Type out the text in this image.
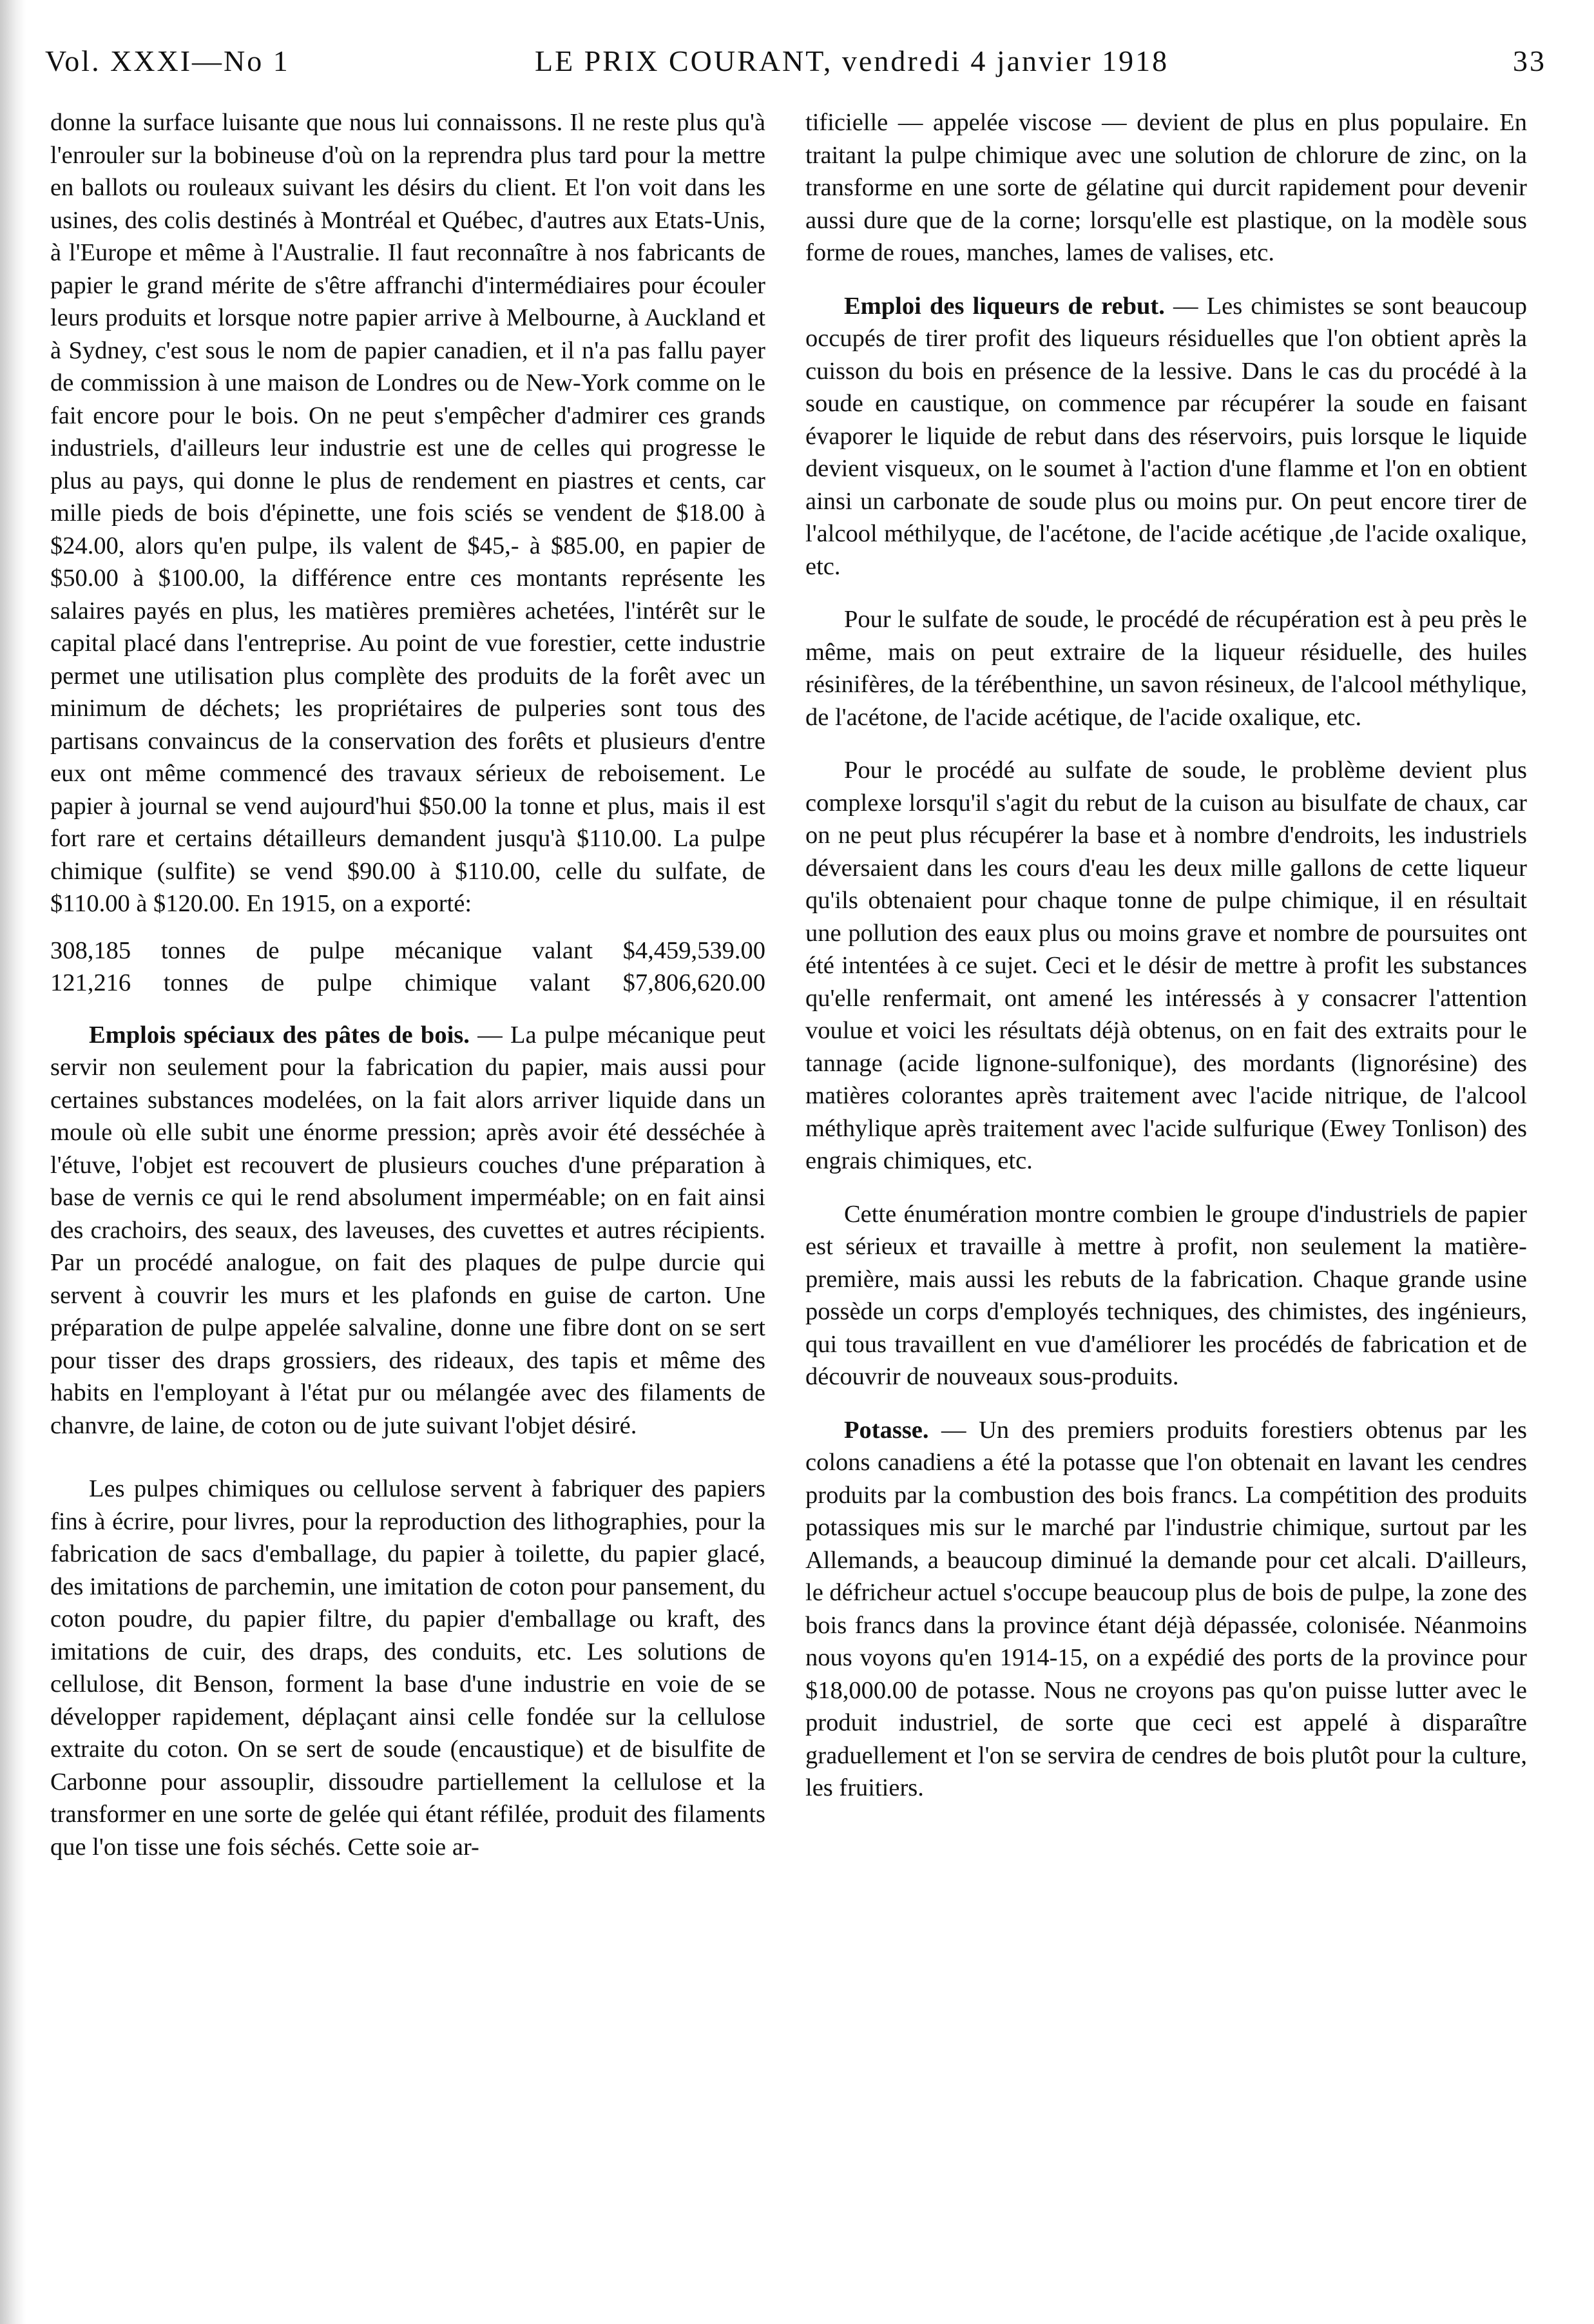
Vol. XXXI—No 1	LE PRIX COURANT, vendredi 4 janvier 1918	33

donne la surface luisante que nous lui connaissons. Il ne reste plus qu'à l'enrouler sur la bobineuse d'où on la reprendra plus tard pour la mettre en ballots ou rouleaux suivant les désirs du client. Et l'on voit dans les usines, des colis destinés à Montréal et Québec, d'autres aux Etats-Unis, à l'Europe et même à l'Australie. Il faut reconnaître à nos fabricants de papier le grand mérite de s'être affranchi d'intermédiaires pour écouler leurs produits et lorsque notre papier arrive à Melbourne, à Auckland et à Sydney, c'est sous le nom de papier canadien, et il n'a pas fallu payer de commission à une maison de Londres ou de New-York comme on le fait encore pour le bois. On ne peut s'empêcher d'admirer ces grands industriels, d'ailleurs leur industrie est une de celles qui progresse le plus au pays, qui donne le plus de rendement en piastres et cents, car mille pieds de bois d'épinette, une fois sciés se vendent de $18.00 à $24.00, alors qu'en pulpe, ils valent de $45,- à $85.00, en papier de $50.00 à $100.00, la différence entre ces montants représente les salaires payés en plus, les matières premières achetées, l'intérêt sur le capital placé dans l'entreprise. Au point de vue forestier, cette industrie permet une utilisation plus complète des produits de la forêt avec un minimum de déchets; les propriétaires de pulperies sont tous des partisans convaincus de la conservation des forêts et plusieurs d'entre eux ont même commencé des travaux sérieux de reboisement. Le papier à journal se vend aujourd'hui $50.00 la tonne et plus, mais il est fort rare et certains détailleurs demandent jusqu'à $110.00. La pulpe chimique (sulfite) se vend $90.00 à $110.00, celle du sulfate, de $110.00 à $120.00. En 1915, on a exporté:

308,185 tonnes de pulpe mécanique valant $4,459,539.00
121,216 tonnes de pulpe chimique valant $7,806,620.00

Emplois spéciaux des pâtes de bois. — La pulpe mécanique peut servir non seulement pour la fabrication du papier, mais aussi pour certaines substances modelées, on la fait alors arriver liquide dans un moule où elle subit une énorme pression; après avoir été desséchée à l'étuve, l'objet est recouvert de plusieurs couches d'une préparation à base de vernis ce qui le rend absolument imperméable; on en fait ainsi des crachoirs, des seaux, des laveuses, des cuvettes et autres récipients. Par un procédé analogue, on fait des plaques de pulpe durcie qui servent à couvrir les murs et les plafonds en guise de carton. Une préparation de pulpe appelée salvaline, donne une fibre dont on se sert pour tisser des draps grossiers, des rideaux, des tapis et même des habits en l'employant à l'état pur ou mélangée avec des filaments de chanvre, de laine, de coton ou de jute suivant l'objet désiré.

Les pulpes chimiques ou cellulose servent à fabriquer des papiers fins à écrire, pour livres, pour la reproduction des lithographies, pour la fabrication de sacs d'emballage, du papier à toilette, du papier glacé, des imitations de parchemin, une imitation de coton pour pansement, du coton poudre, du papier filtre, du papier d'emballage ou kraft, des imitations de cuir, des draps, des conduits, etc. Les solutions de cellulose, dit Benson, forment la base d'une industrie en voie de se développer rapidement, déplaçant ainsi celle fondée sur la cellulose extraite du coton. On se sert de soude (encaustique) et de bisulfite de Carbonne pour assouplir, dissoudre partiellement la cellulose et la transformer en une sorte de gelée qui étant réfilée, produit des filaments que l'on tisse une fois séchés. Cette soie ar-

tificielle — appelée viscose — devient de plus en plus populaire. En traitant la pulpe chimique avec une solution de chlorure de zinc, on la transforme en une sorte de gélatine qui durcit rapidement pour devenir aussi dure que de la corne; lorsqu'elle est plastique, on la modèle sous forme de roues, manches, lames de valises, etc.

Emploi des liqueurs de rebut. — Les chimistes se sont beaucoup occupés de tirer profit des liqueurs résiduelles que l'on obtient après la cuisson du bois en présence de la lessive. Dans le cas du procédé à la soude en caustique, on commence par récupérer la soude en faisant évaporer le liquide de rebut dans des réservoirs, puis lorsque le liquide devient visqueux, on le soumet à l'action d'une flamme et l'on en obtient ainsi un carbonate de soude plus ou moins pur. On peut encore tirer de l'alcool méthilyque, de l'acétone, de l'acide acétique ,de l'acide oxalique, etc.

Pour le sulfate de soude, le procédé de récupération est à peu près le même, mais on peut extraire de la liqueur résiduelle, des huiles résinifères, de la térébenthine, un savon résineux, de l'alcool méthylique, de l'acétone, de l'acide acétique, de l'acide oxalique, etc.

Pour le procédé au sulfate de soude, le problème devient plus complexe lorsqu'il s'agit du rebut de la cuison au bisulfate de chaux, car on ne peut plus récupérer la base et à nombre d'endroits, les industriels déversaient dans les cours d'eau les deux mille gallons de cette liqueur qu'ils obtenaient pour chaque tonne de pulpe chimique, il en résultait une pollution des eaux plus ou moins grave et nombre de poursuites ont été intentées à ce sujet. Ceci et le désir de mettre à profit les substances qu'elle renfermait, ont amené les intéressés à y consacrer l'attention voulue et voici les résultats déjà obtenus, on en fait des extraits pour le tannage (acide lignone-sulfonique), des mordants (lignorésine) des matières colorantes après traitement avec l'acide nitrique, de l'alcool méthylique après traitement avec l'acide sulfurique (Ewey Tonlison) des engrais chimiques, etc.

Cette énumération montre combien le groupe d'industriels de papier est sérieux et travaille à mettre à profit, non seulement la matière-première, mais aussi les rebuts de la fabrication. Chaque grande usine possède un corps d'employés techniques, des chimistes, des ingénieurs, qui tous travaillent en vue d'améliorer les procédés de fabrication et de découvrir de nouveaux sous-produits.

Potasse. — Un des premiers produits forestiers obtenus par les colons canadiens a été la potasse que l'on obtenait en lavant les cendres produits par la combustion des bois francs. La compétition des produits potassiques mis sur le marché par l'industrie chimique, surtout par les Allemands, a beaucoup diminué la demande pour cet alcali. D'ailleurs, le défricheur actuel s'occupe beaucoup plus de bois de pulpe, la zone des bois francs dans la province étant déjà dépassée, colonisée. Néanmoins nous voyons qu'en 1914-15, on a expédié des ports de la province pour $18,000.00 de potasse. Nous ne croyons pas qu'on puisse lutter avec le produit industriel, de sorte que ceci est appelé à disparaître graduellement et l'on se servira de cendres de bois plutôt pour la culture, les fruitiers.
